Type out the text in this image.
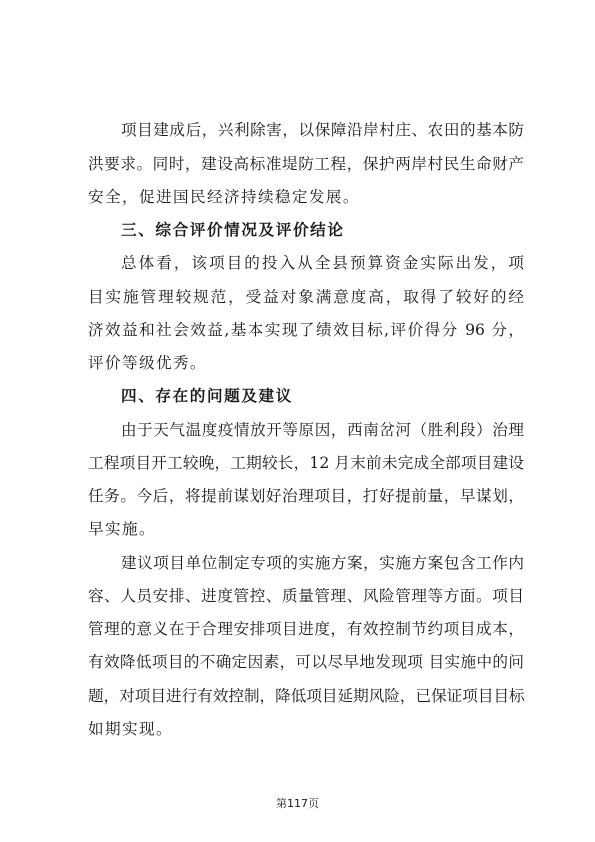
项目建成后，兴利除害，以保障沿岸村庄、农田的基本防
洪要求。同时，建设高标准堤防工程，保护两岸村民生命财产
安全，促进国民经济持续稳定发展。
三、综合评价情况及评价结论
总体看，该项目的投入从全县预算资金实际出发，项
目实施管理较规范，受益对象满意度高，取得了较好的经
济效益和社会效益,基本实现了绩效目标,评价得分 96 分，
评价等级优秀。
四、存在的问题及建议
由于天气温度疫情放开等原因，西南岔河（胜利段）治理
工程项目开工较晚，工期较长，12 月末前未完成全部项目建设
任务。今后，将提前谋划好治理项目，打好提前量，早谋划，
早实施。
建议项目单位制定专项的实施方案，实施方案包含工作内
容、人员安排、进度管控、质量管理、风险管理等方面。项目
管理的意义在于合理安排项目进度，有效控制节约项目成本，
有效降低项目的不确定因素，可以尽早地发现项 目实施中的问
题，对项目进行有效控制，降低项目延期风险，已保证项目目标
如期实现。
第117页
